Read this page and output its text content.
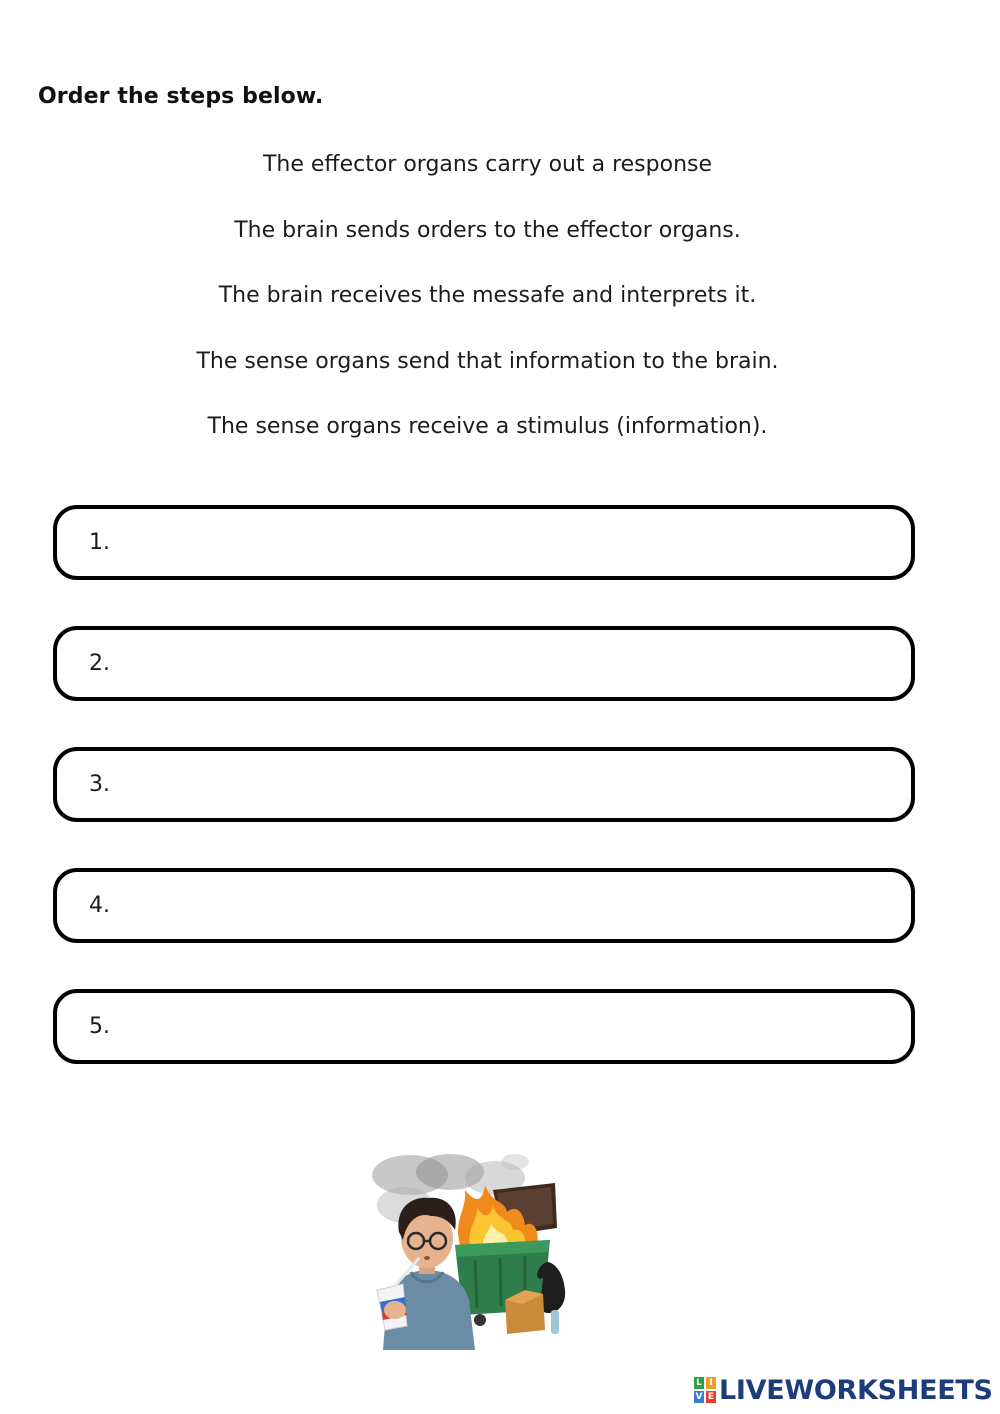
Order the steps below.
The effector organs carry out a response
The brain sends orders to the effector organs.
The brain receives the messafe and interprets it.
The sense organs send that information to the brain.
The sense organs receive a stimulus (information).
1.
2.
3.
4.
5.
L I
V E LIVEWORKSHEETS
